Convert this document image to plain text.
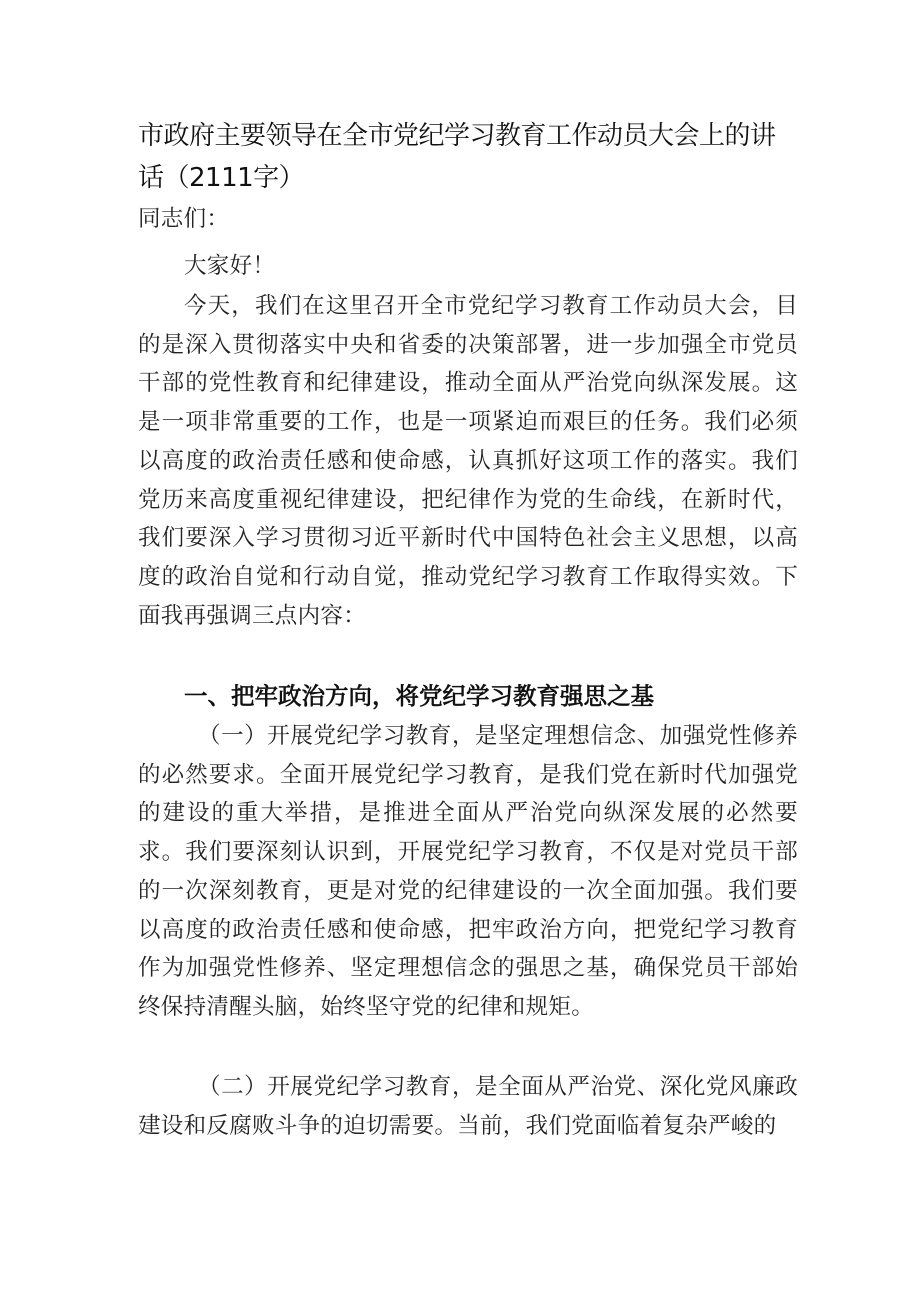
市政府主要领导在全市党纪学习教育工作动员大会上的讲话（2111字）

同志们：

大家好！

今天，我们在这里召开全市党纪学习教育工作动员大会，目的是深入贯彻落实中央和省委的决策部署，进一步加强全市党员干部的党性教育和纪律建设，推动全面从严治党向纵深发展。这是一项非常重要的工作，也是一项紧迫而艰巨的任务。我们必须以高度的政治责任感和使命感，认真抓好这项工作的落实。我们党历来高度重视纪律建设，把纪律作为党的生命线，在新时代，我们要深入学习贯彻习近平新时代中国特色社会主义思想，以高度的政治自觉和行动自觉，推动党纪学习教育工作取得实效。下面我再强调三点内容：

一、把牢政治方向，将党纪学习教育强思之基

（一）开展党纪学习教育，是坚定理想信念、加强党性修养的必然要求。全面开展党纪学习教育，是我们党在新时代加强党的建设的重大举措，是推进全面从严治党向纵深发展的必然要求。我们要深刻认识到，开展党纪学习教育，不仅是对党员干部的一次深刻教育，更是对党的纪律建设的一次全面加强。我们要以高度的政治责任感和使命感，把牢政治方向，把党纪学习教育作为加强党性修养、坚定理想信念的强思之基，确保党员干部始终保持清醒头脑，始终坚守党的纪律和规矩。

（二）开展党纪学习教育，是全面从严治党、深化党风廉政建设和反腐败斗争的迫切需要。当前，我们党面临着复杂严峻的
